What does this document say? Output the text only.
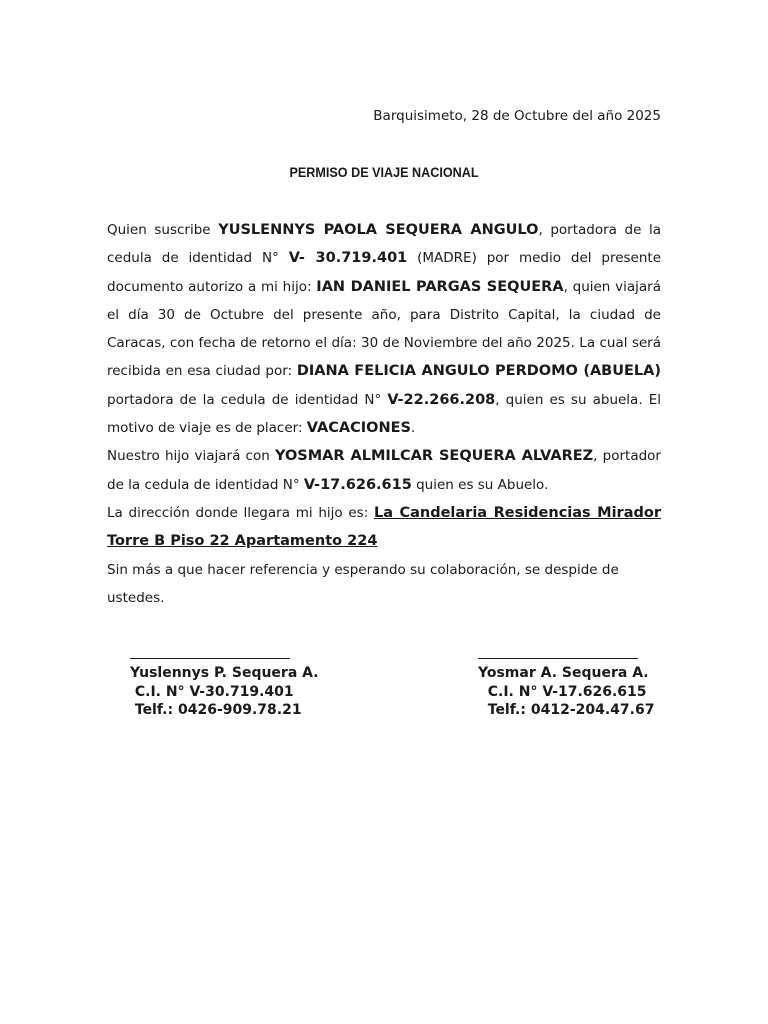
Barquisimeto, 28 de Octubre del año 2025
PERMISO DE VIAJE NACIONAL

Quien suscribe YUSLENNYS PAOLA SEQUERA ANGULO, portadora de la cedula de identidad N° V- 30.719.401 (MADRE) por medio del presente documento autorizo a mi hijo: IAN DANIEL PARGAS SEQUERA, quien viajará el día 30 de Octubre del presente año, para Distrito Capital, la ciudad de Caracas, con fecha de retorno el día: 30 de Noviembre del año 2025. La cual será recibida en esa ciudad por: DIANA FELICIA ANGULO PERDOMO (ABUELA) portadora de la cedula de identidad N° V-22.266.208, quien es su abuela. El motivo de viaje es de placer: VACACIONES.

Nuestro hijo viajará con YOSMAR ALMILCAR SEQUERA ALVAREZ, portador de la cedula de identidad N° V-17.626.615 quien es su Abuelo.

La dirección donde llegara mi hijo es: La Candelaria Residencias Mirador Torre B Piso 22 Apartamento 224

Sin más a que hacer referencia y esperando su colaboración, se despide de ustedes.

Yuslennys P. Sequera A.
C.I. N° V-30.719.401
Telf.: 0426-909.78.21
Yosmar A. Sequera A.
C.I. N° V-17.626.615
Telf.: 0412-204.47.67
